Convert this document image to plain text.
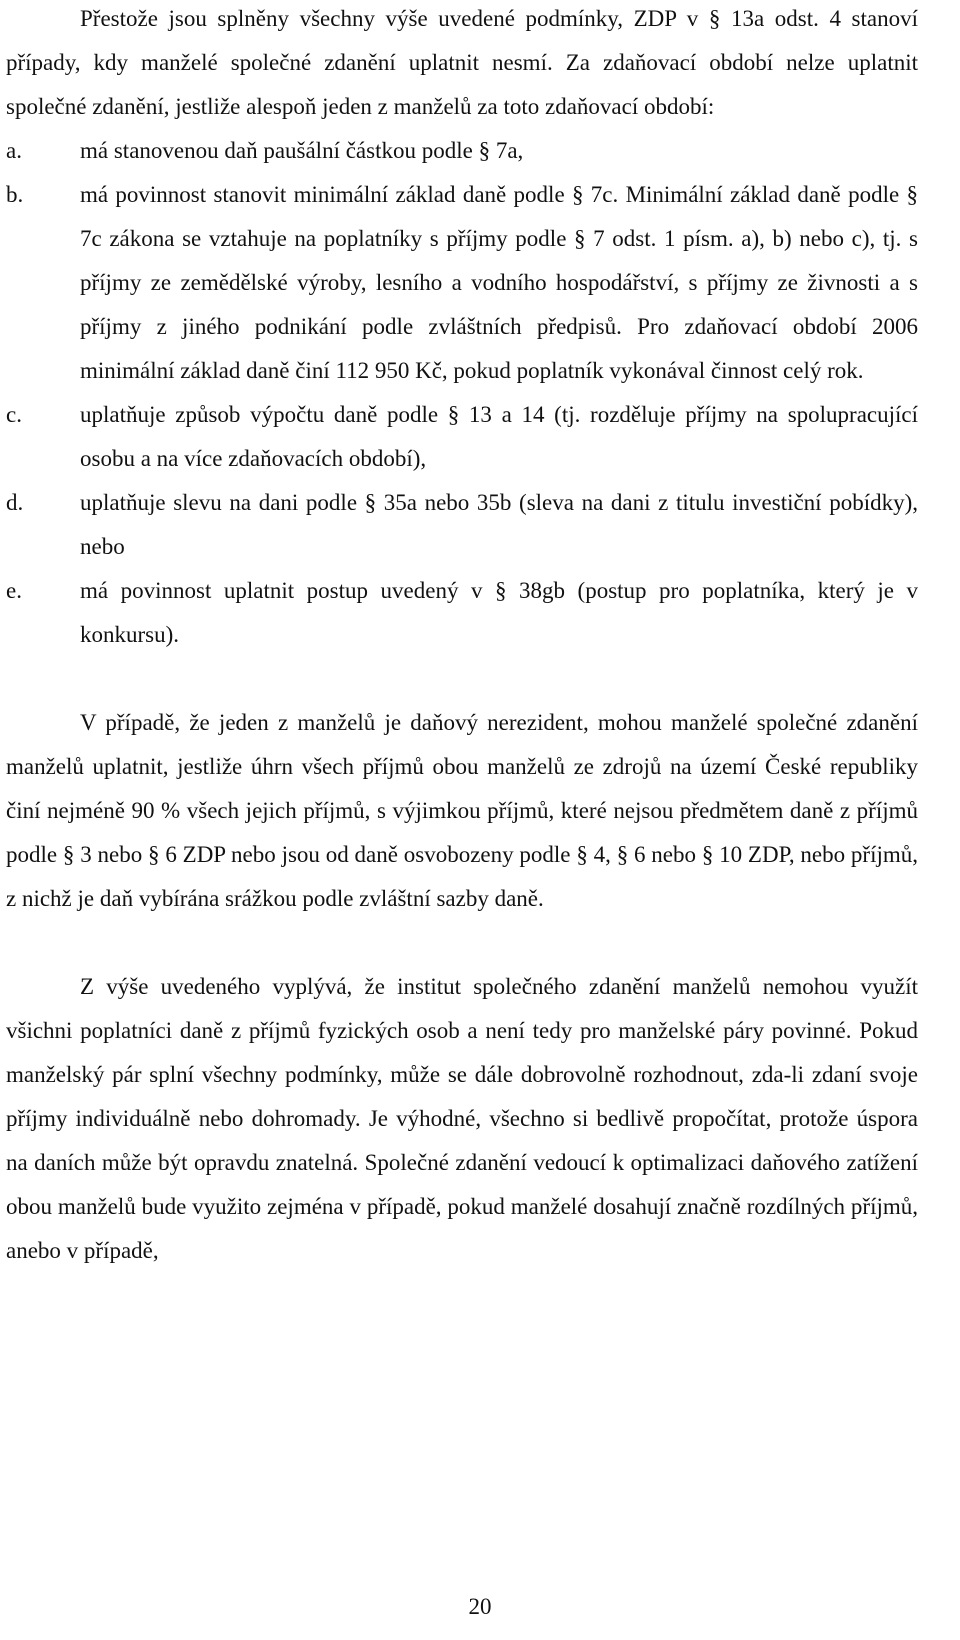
Přestože jsou splněny všechny výše uvedené podmínky, ZDP v § 13a odst. 4 stanoví případy, kdy manželé společné zdanění uplatnit nesmí. Za zdaňovací období nelze uplatnit společné zdanění, jestliže alespoň jeden z manželů za toto zdaňovací období:

a.	má stanovenou daň paušální částkou podle § 7a,
b.	má povinnost stanovit minimální základ daně podle § 7c. Minimální základ daně podle § 7c zákona se vztahuje na poplatníky s příjmy podle § 7 odst. 1 písm. a), b) nebo c), tj. s příjmy ze zemědělské výroby, lesního a vodního hospodářství, s příjmy ze živnosti a s příjmy z jiného podnikání podle zvláštních předpisů. Pro zdaňovací období 2006 minimální základ daně činí 112 950 Kč, pokud poplatník vykonával činnost celý rok.
c.	uplatňuje způsob výpočtu daně podle § 13 a 14 (tj. rozděluje příjmy na spolupracující osobu a na více zdaňovacích období),
d.	uplatňuje slevu na dani podle § 35a nebo 35b (sleva na dani z titulu investiční pobídky), nebo
e.	má povinnost uplatnit postup uvedený v § 38gb (postup pro poplatníka, který je v konkursu).

V případě, že jeden z manželů je daňový nerezident, mohou manželé společné zdanění manželů uplatnit, jestliže úhrn všech příjmů obou manželů ze zdrojů na území České republiky činí nejméně 90 % všech jejich příjmů, s výjimkou příjmů, které nejsou předmětem daně z příjmů podle § 3 nebo § 6 ZDP nebo jsou od daně osvobozeny podle § 4, § 6 nebo § 10 ZDP, nebo příjmů, z nichž je daň vybírána srážkou podle zvláštní sazby daně.

Z výše uvedeného vyplývá, že institut společného zdanění manželů nemohou využít všichni poplatníci daně z příjmů fyzických osob a není tedy pro manželské páry povinné. Pokud manželský pár splní všechny podmínky, může se dále dobrovolně rozhodnout, zda-li zdaní svoje příjmy individuálně nebo dohromady. Je výhodné, všechno si bedlivě propočítat, protože úspora na daních může být opravdu znatelná. Společné zdanění vedoucí k optimalizaci daňového zatížení obou manželů bude využito zejména v případě, pokud manželé dosahují značně rozdílných příjmů, anebo v případě,

20
